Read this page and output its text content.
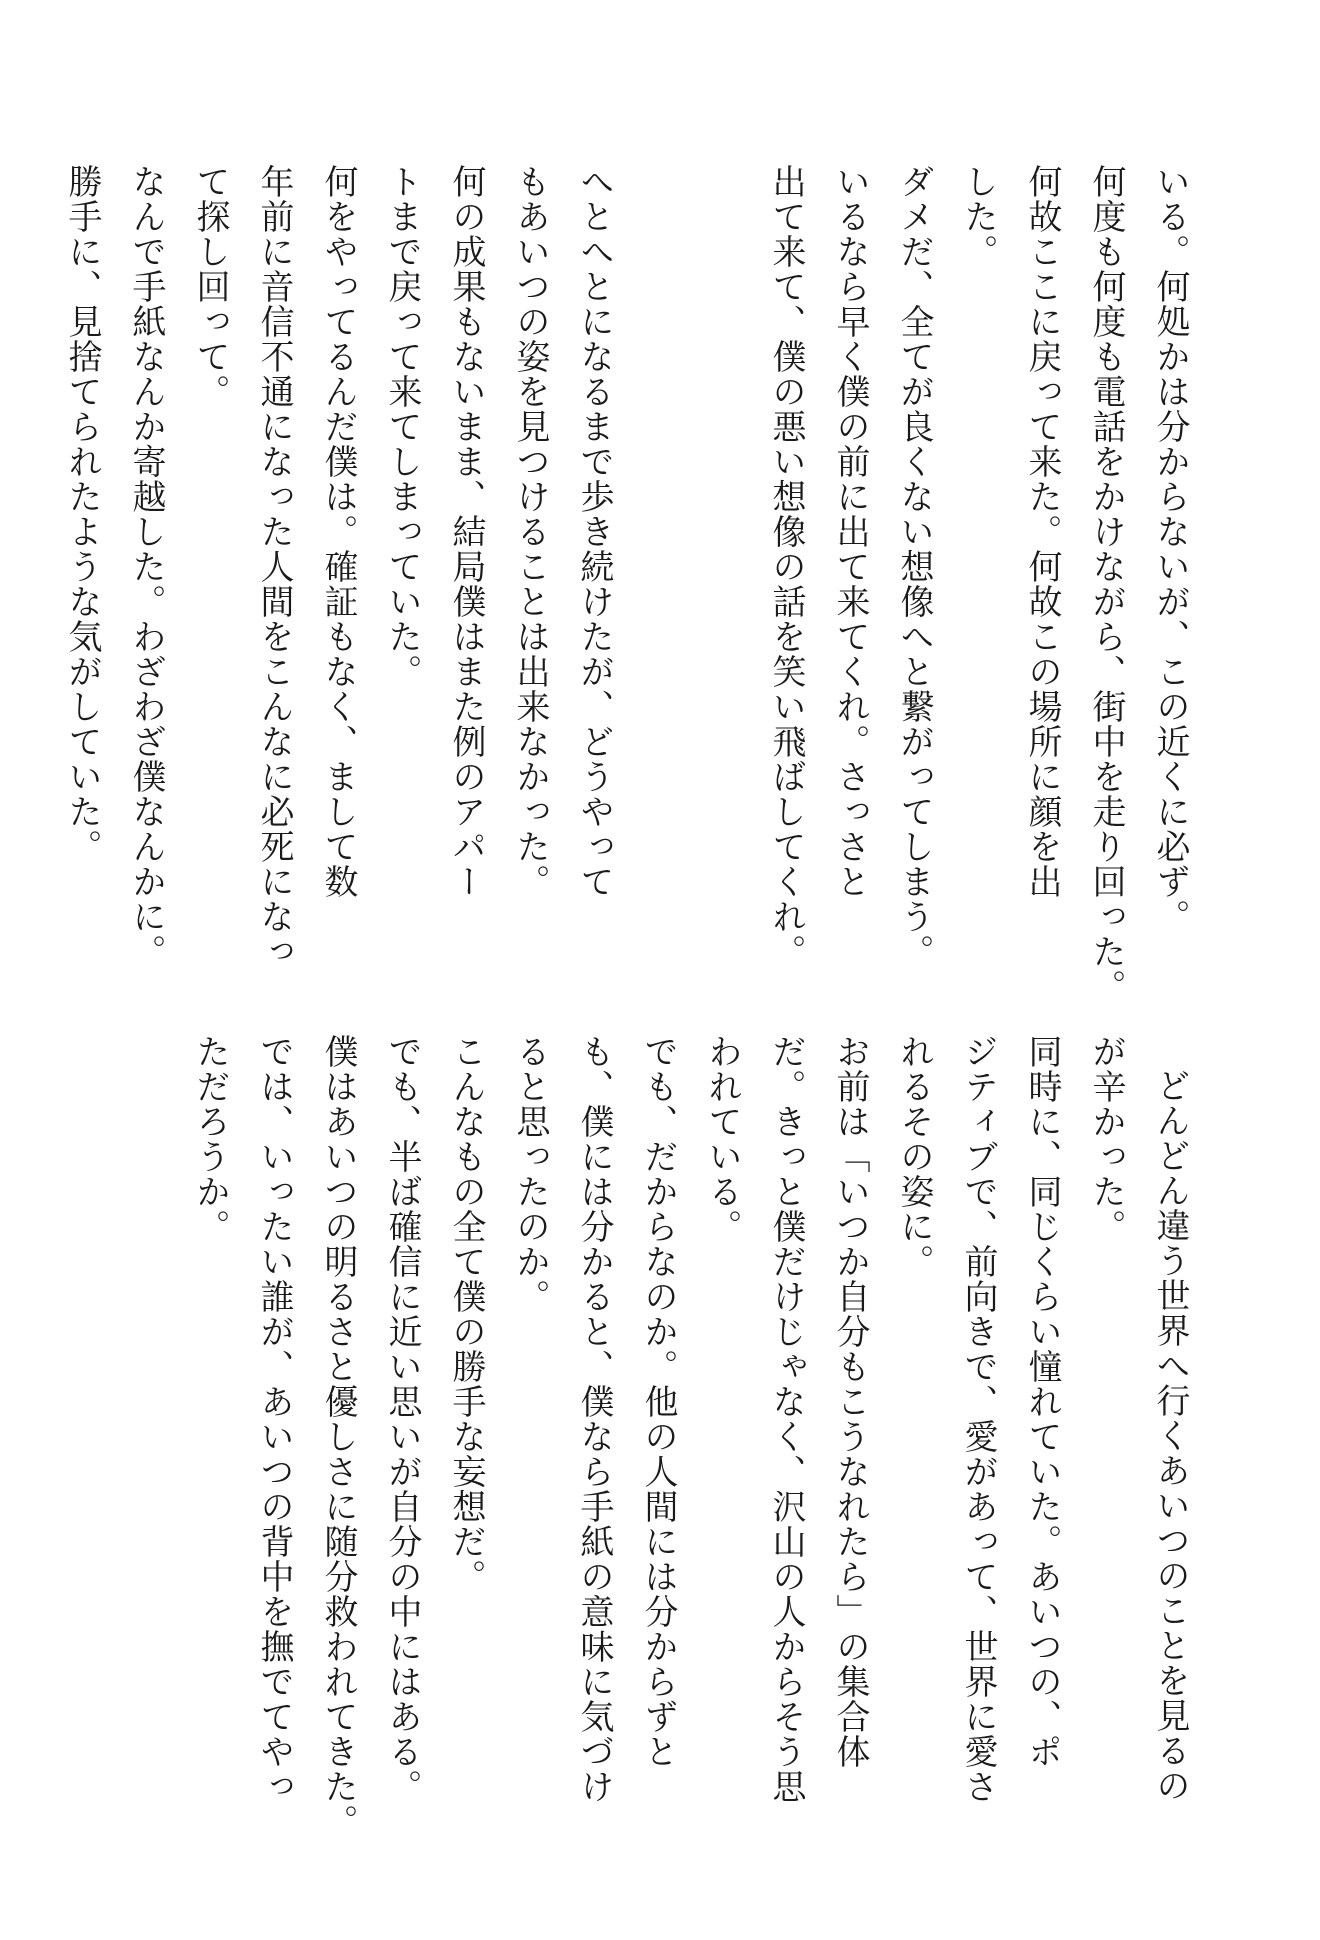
いる。何処かは分からないが、この近くに必ず。
何度も何度も電話をかけながら、街中を走り回った。
何故ここに戻って来た。何故この場所に顔を出
した。
ダメだ、全てが良くない想像へと繋がってしまう。
いるなら早く僕の前に出て来てくれ。さっさと
出て来て、僕の悪い想像の話を笑い飛ばしてくれ。

へとへとになるまで歩き続けたが、どうやって
もあいつの姿を見つけることは出来なかった。
何の成果もないまま、結局僕はまた例のアパー
トまで戻って来てしまっていた。
何をやってるんだ僕は。確証もなく、まして数
年前に音信不通になった人間をこんなに必死になっ
て探し回って。
なんで手紙なんか寄越した。わざわざ僕なんかに。
勝手に、見捨てられたような気がしていた。
どんどん違う世界へ行くあいつのことを見るの
が辛かった。
同時に、同じくらい憧れていた。あいつの、ポ
ジティブで、前向きで、愛があって、世界に愛さ
れるその姿に。
お前は「いつか自分もこうなれたら」の集合体
だ。きっと僕だけじゃなく、沢山の人からそう思
われている。
でも、だからなのか。他の人間には分からずと
も、僕には分かると、僕なら手紙の意味に気づけ
ると思ったのか。
こんなもの全て僕の勝手な妄想だ。
でも、半ば確信に近い思いが自分の中にはある。
僕はあいつの明るさと優しさに随分救われてきた。
では、いったい誰が、あいつの背中を撫でてやっ
ただろうか。
